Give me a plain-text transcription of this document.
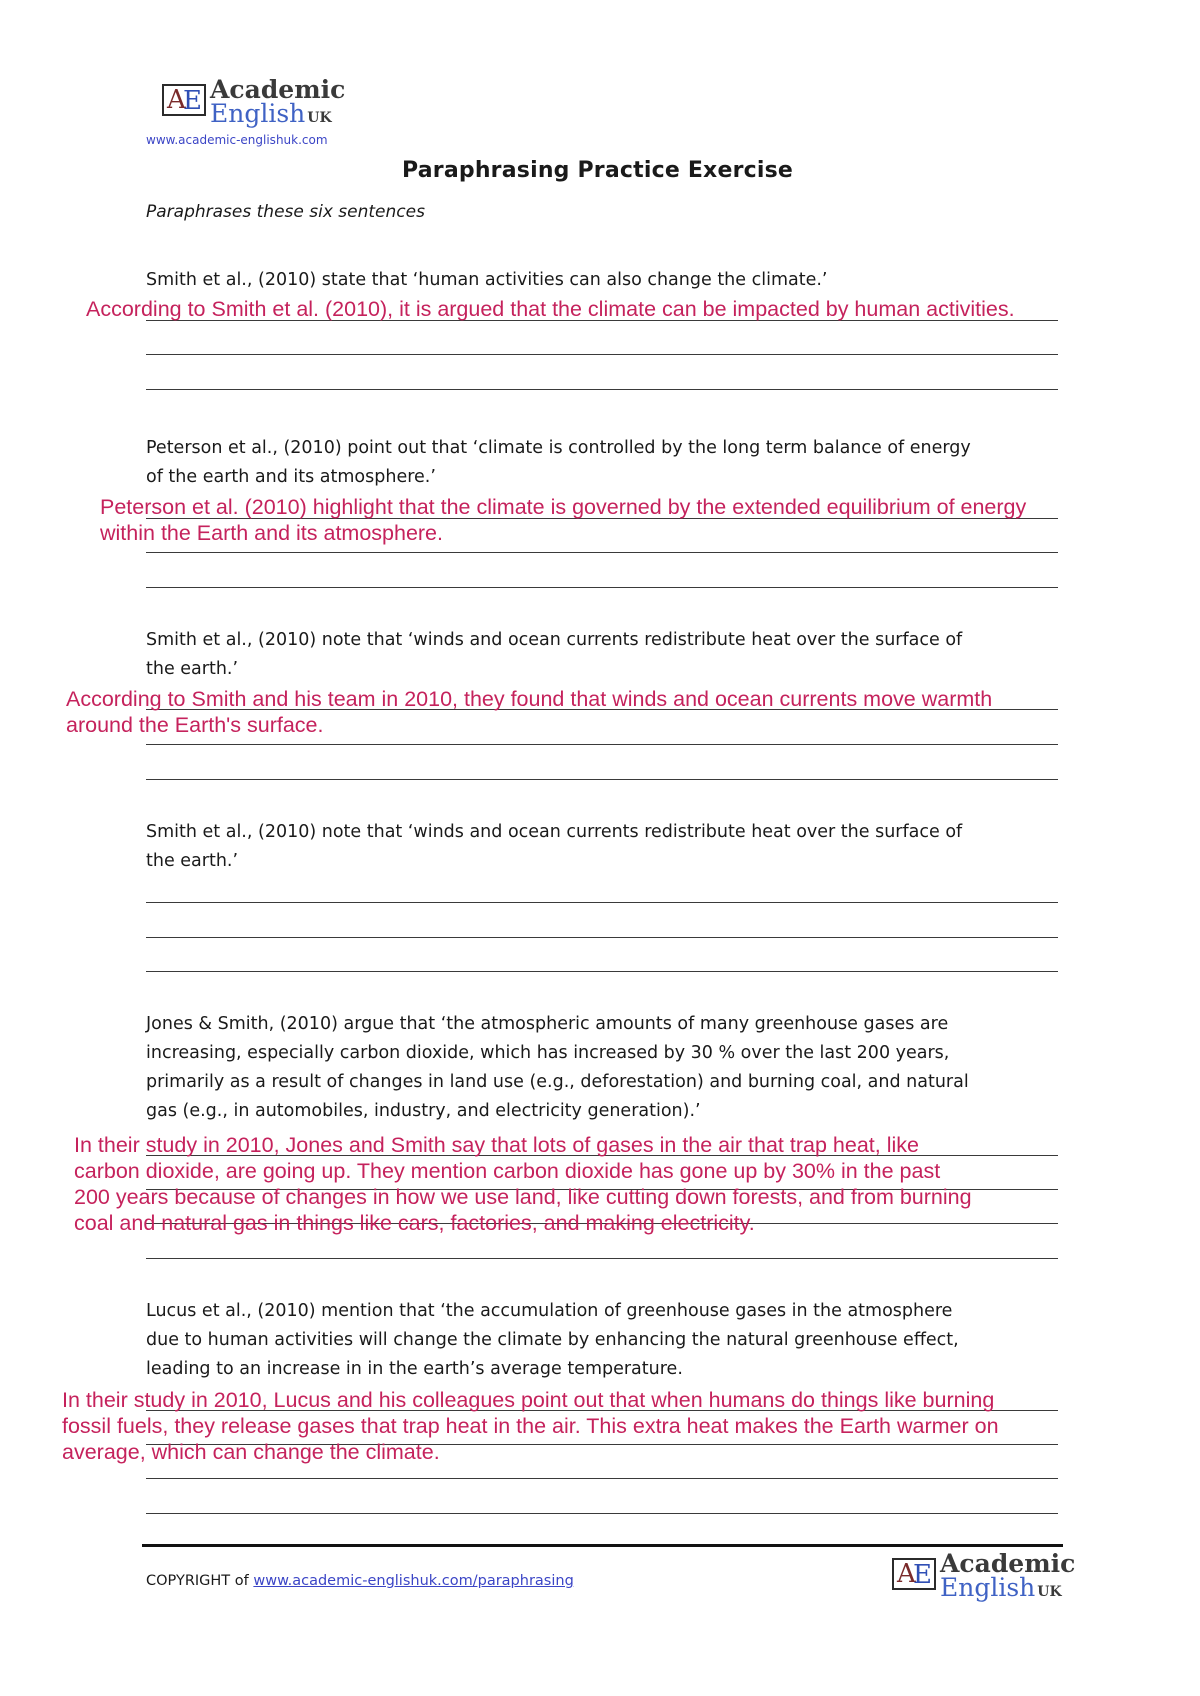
A
E Academic
English UK
www.academic-englishuk.com
Paraphrasing Practice Exercise
Paraphrases these six sentences
Smith et al., (2010) state that ‘human activities can also change the climate.’
According to Smith et al. (2010), it is argued that the climate can be impacted by human activities.
Peterson et al., (2010) point out that ‘climate is controlled by the long term balance of energy
of the earth and its atmosphere.’
Peterson et al. (2010) highlight that the climate is governed by the extended equilibrium of energy
within the Earth and its atmosphere.
Smith et al., (2010) note that ‘winds and ocean currents redistribute heat over the surface of
the earth.’
According to Smith and his team in 2010, they found that winds and ocean currents move warmth
around the Earth's surface.
Smith et al., (2010) note that ‘winds and ocean currents redistribute heat over the surface of
the earth.’
Jones & Smith, (2010) argue that ‘the atmospheric amounts of many greenhouse gases are
increasing, especially carbon dioxide, which has increased by 30 % over the last 200 years,
primarily as a result of changes in land use (e.g., deforestation) and burning coal, and natural
gas (e.g., in automobiles, industry, and electricity generation).’
In their study in 2010, Jones and Smith say that lots of gases in the air that trap heat, like
carbon dioxide, are going up. They mention carbon dioxide has gone up by 30% in the past
200 years because of changes in how we use land, like cutting down forests, and from burning
coal and natural gas in things like cars, factories, and making electricity.
Lucus et al., (2010) mention that ‘the accumulation of greenhouse gases in the atmosphere
due to human activities will change the climate by enhancing the natural greenhouse effect,
leading to an increase in in the earth’s average temperature.
In their study in 2010, Lucus and his colleagues point out that when humans do things like burning
fossil fuels, they release gases that trap heat in the air. This extra heat makes the Earth warmer on
average, which can change the climate.
COPYRIGHT of www.academic-englishuk.com/paraphrasing	A
E Academic
English UK
